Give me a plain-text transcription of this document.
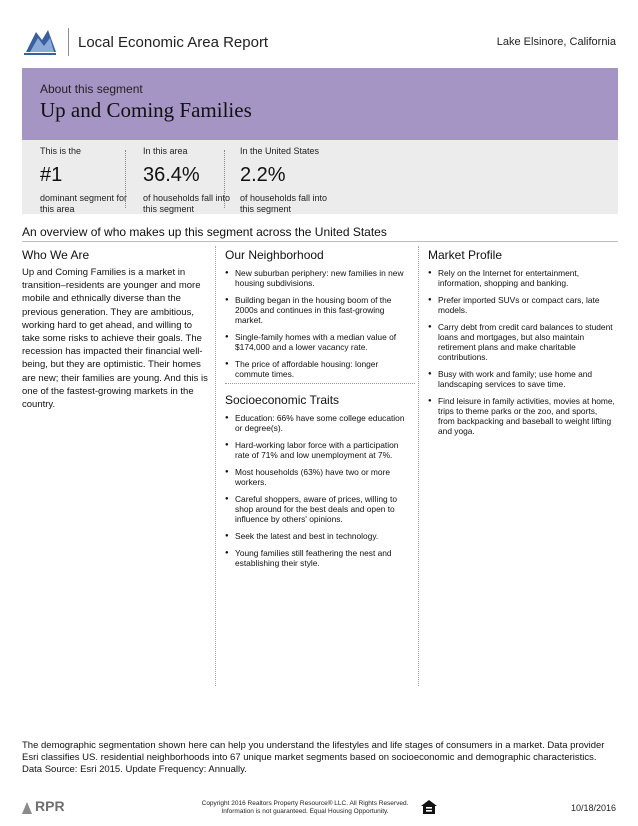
Local Economic Area Report	Lake Elsinore, California
About this segment
Up and Coming Families
This is the
#1
dominant segment for this area
In this area
36.4%
of households fall into this segment
In the United States
2.2%
of households fall into this segment
An overview of who makes up this segment across the United States
Who We Are
Up and Coming Families is a market in transition–residents are younger and more mobile and ethnically diverse than the previous generation. They are ambitious, working hard to get ahead, and willing to take some risks to achieve their goals. The recession has impacted their financial well-being, but they are optimistic. Their homes are new; their families are young. And this is one of the fastest-growing markets in the country.
Our Neighborhood
● New suburban periphery: new families in new housing subdivisions.
● Building began in the housing boom of the 2000s and continues in this fast-growing market.
● Single-family homes with a median value of $174,000 and a lower vacancy rate.
● The price of affordable housing: longer commute times.
Socioeconomic Traits
● Education: 66% have some college education or degree(s).
● Hard-working labor force with a participation rate of 71% and low unemployment at 7%.
● Most households (63%) have two or more workers.
● Careful shoppers, aware of prices, willing to shop around for the best deals and open to influence by others' opinions.
● Seek the latest and best in technology.
● Young families still feathering the nest and establishing their style.
Market Profile
● Rely on the Internet for entertainment, information, shopping and banking.
● Prefer imported SUVs or compact cars, late models.
● Carry debt from credit card balances to student loans and mortgages, but also maintain retirement plans and make charitable contributions.
● Busy with work and family; use home and landscaping services to save time.
● Find leisure in family activities, movies at home, trips to theme parks or the zoo, and sports, from backpacking and baseball to weight lifting and yoga.
The demographic segmentation shown here can help you understand the lifestyles and life stages of consumers in a market. Data provider Esri classifies US. residential neighborhoods into 67 unique market segments based on socioeconomic and demographic characteristics. Data Source: Esri 2015. Update Frequency: Annually.
RPR	Copyright 2016 Realtors Property Resource® LLC. All Rights Reserved.
Information is not guaranteed. Equal Housing Opportunity.	10/18/2016
